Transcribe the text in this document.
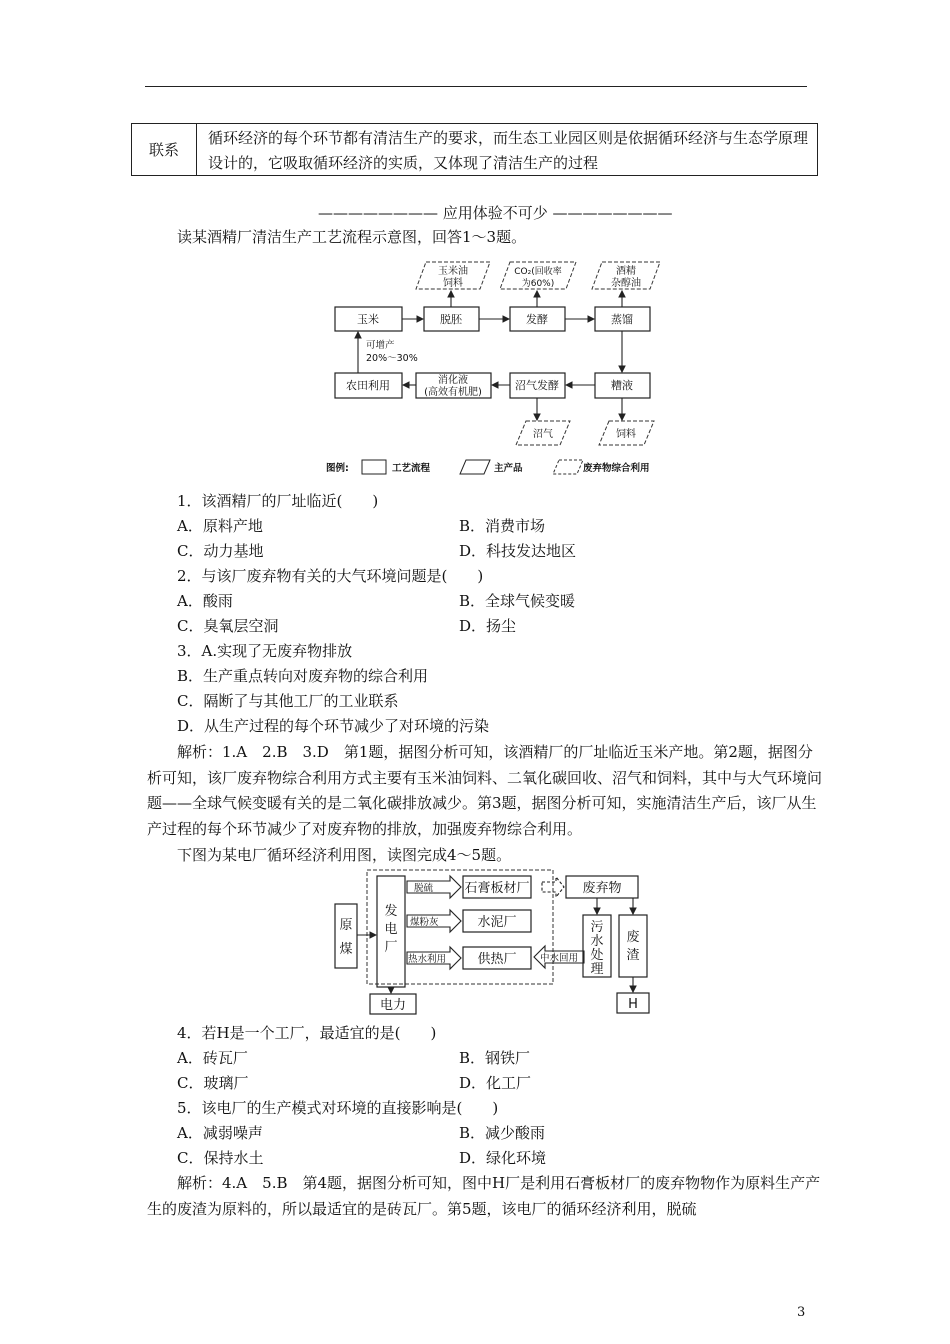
联系
循环经济的每个环节都有清洁生产的要求，而生态工业园区则是依据循环经济与生态学原理设计的，它吸取循环经济的实质，又体现了清洁生产的过程
———————— 应用体验不可少 ————————
读某酒精厂清洁生产工艺流程示意图，回答1～3题。
玉米	脱胚	发酵	蒸馏
农田利用	消化液
(高效有机肥)
沼气发酵	糟液
玉米油
饲料
CO₂(回收率
为60%)
酒精
杂醇油
沼气	饲料
可增产
20%～30%
图例:	工艺流程	主产品	废弃物综合利用
1．该酒精厂的厂址临近(　　)
A．原料产地	B．消费市场
C．动力基地	D．科技发达地区
2．与该厂废弃物有关的大气环境问题是(　　)
A．酸雨	B．全球气候变暖
C．臭氧层空洞	D．扬尘
3．A.实现了无废弃物排放
B．生产重点转向对废弃物的综合利用
C．隔断了与其他工厂的工业联系
D．从生产过程的每个环节减少了对环境的污染
解析：1.A　2.B　3.D　第1题，据图分析可知，该酒精厂的厂址临近玉米产地。第2题，据图分析可知，该厂废弃物综合利用方式主要有玉米油饲料、二氧化碳回收、沼气和饲料，其中与大气环境问题——全球气候变暖有关的是二氧化碳排放减少。第3题，据图分析可知，实施清洁生产后，该厂从生产过程的每个环节减少了对废弃物的排放，加强废弃物综合利用。
下图为某电厂循环经济利用图，读图完成4～5题。
原
煤
发
电
厂
石膏板材厂
水泥厂
供热厂
废弃物
污
水
处
理
废
渣
H
电力
脱硫
煤粉灰
热水利用	中水回用
4．若H是一个工厂，最适宜的是(　　)
A．砖瓦厂	B．钢铁厂
C．玻璃厂	D．化工厂
5．该电厂的生产模式对环境的直接影响是(　　)
A．减弱噪声	B．减少酸雨
C．保持水土	D．绿化环境
解析：4.A　5.B　第4题，据图分析可知，图中H厂是利用石膏板材厂的废弃物物作为原料生产产生的废渣为原料的，所以最适宜的是砖瓦厂。第5题，该电厂的循环经济利用，脱硫
3
